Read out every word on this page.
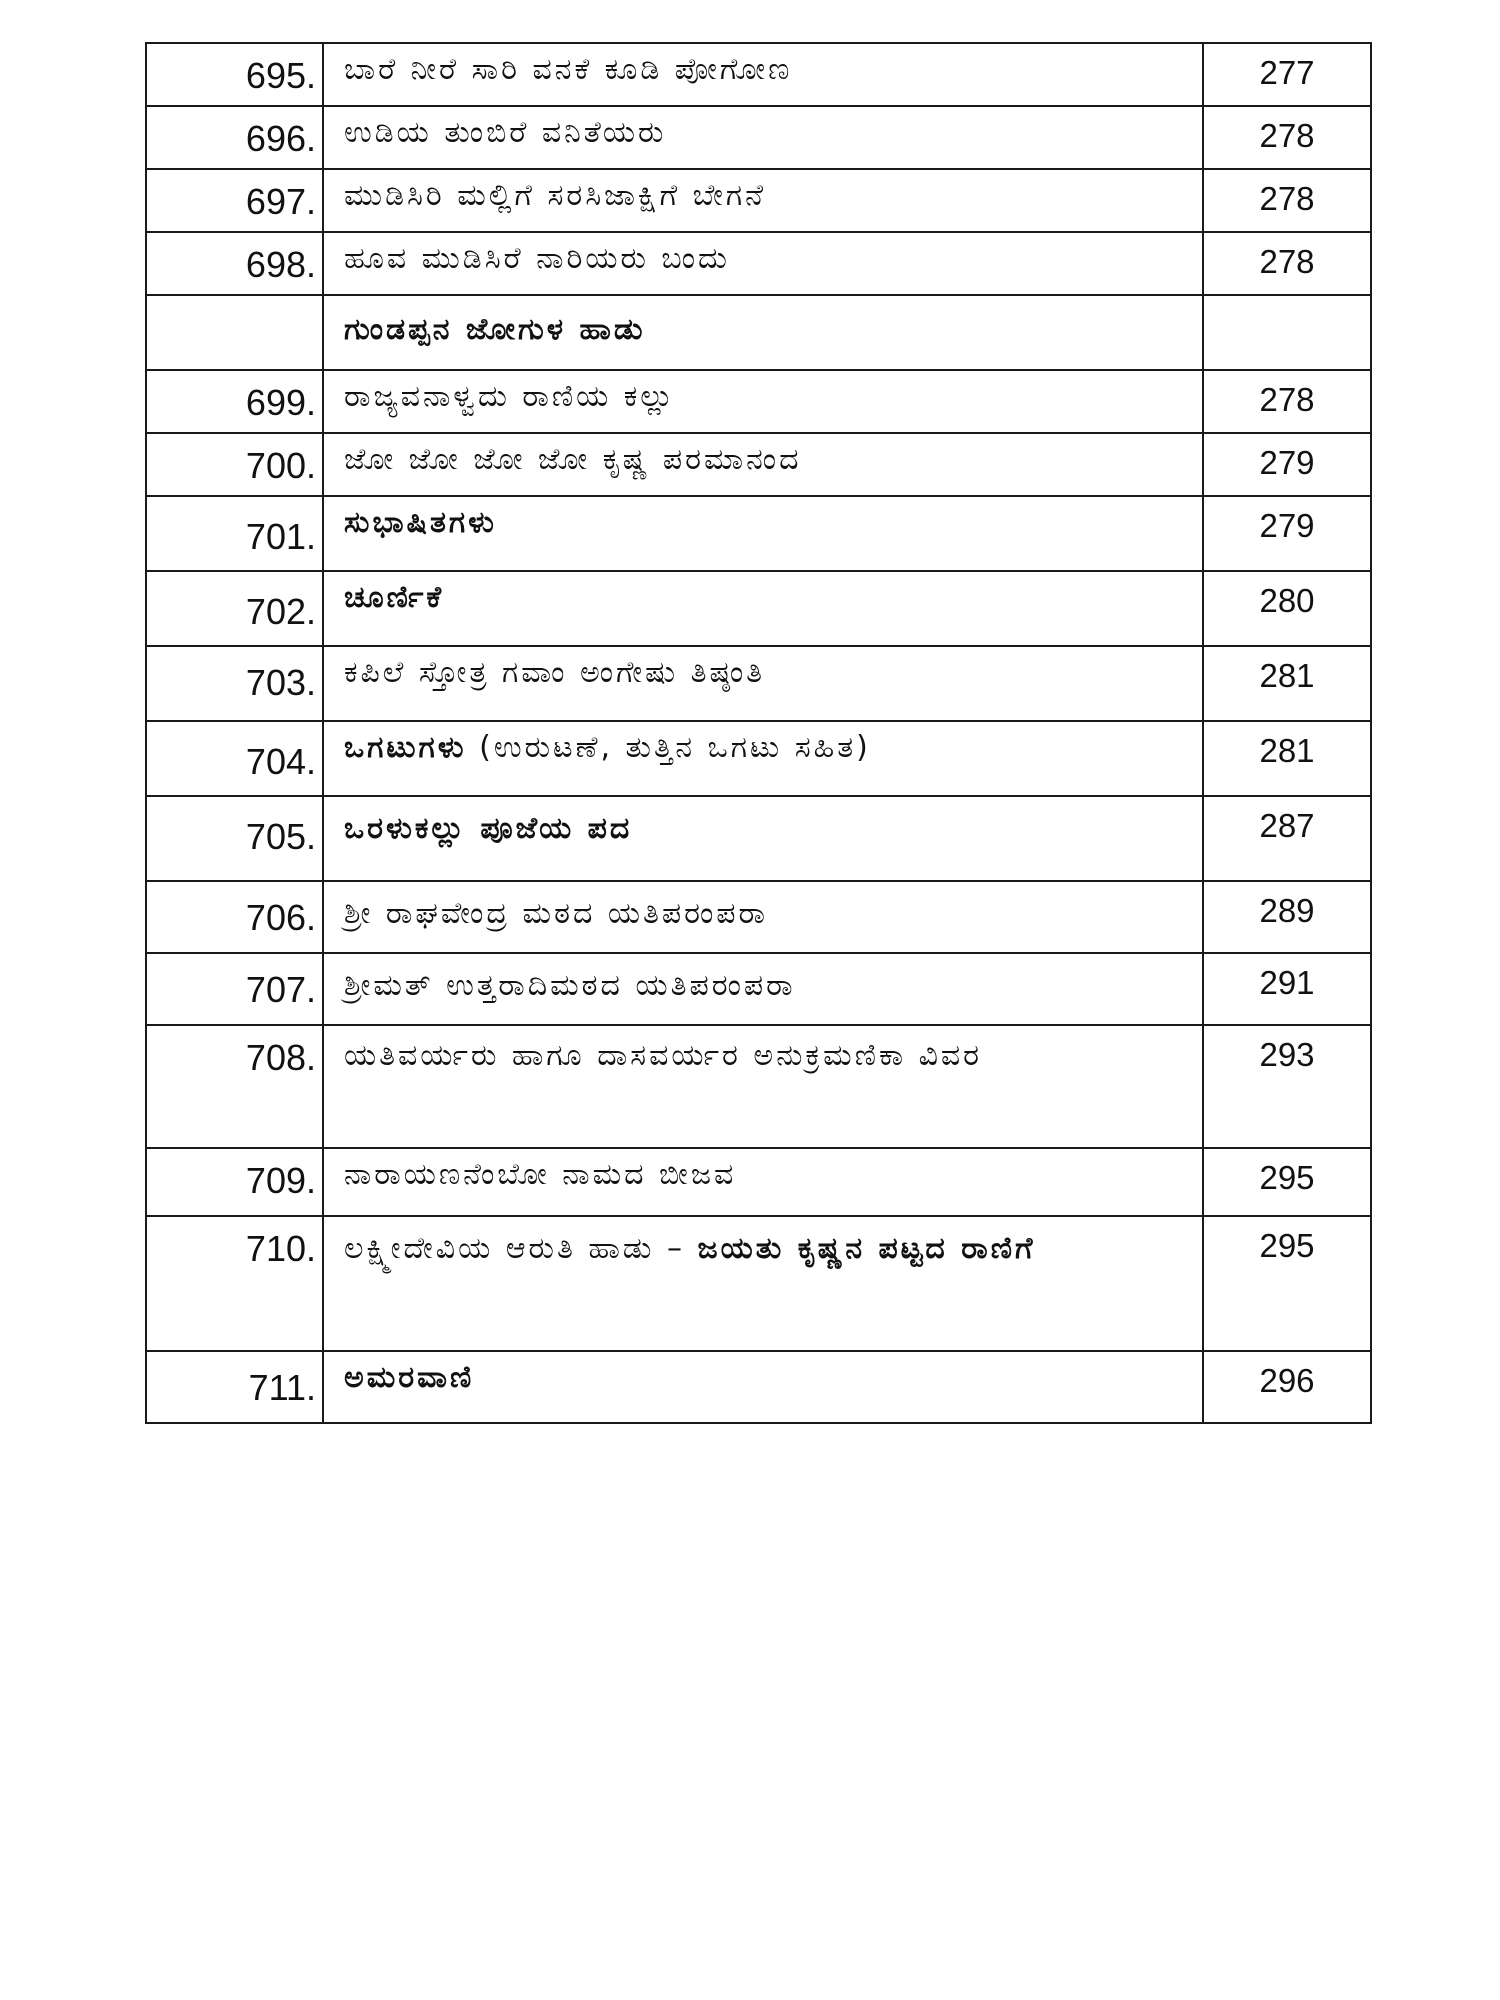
695.	ಬಾರೆ ನೀರೆ ಸಾರಿ ವನಕೆ ಕೂಡಿ ಪೋಗೋಣ	277
696.	ಉಡಿಯ ತುಂಬಿರೆ ವನಿತೆಯರು	278
697.	ಮುಡಿಸಿರಿ ಮಲ್ಲಿಗೆ ಸರಸಿಜಾಕ್ಷಿಗೆ ಬೇಗನೆ	278
698.	ಹೂವ ಮುಡಿಸಿರೆ ನಾರಿಯರು ಬಂದು	278

	ಗುಂಡಪ್ಪನ ಜೋಗುಳ ಹಾಡು	

699.	ರಾಜ್ಯವನಾಳ್ವದು ರಾಣಿಯ ಕಲ್ಲು	278
700.	ಜೋ ಜೋ ಜೋ ಜೋ ಕೃಷ್ಣ ಪರಮಾನಂದ	279
701.	ಸುಭಾಷಿತಗಳು	279
702.	ಚೂರ್ಣಿಕೆ	280
703.	ಕಪಿಲೆ ಸ್ತೋತ್ರ ಗವಾಂ ಅಂಗೇಷು ತಿಷ್ಠಂತಿ	281
704.	ಒಗಟುಗಳು (ಉರುಟಣೆ, ತುತ್ತಿನ ಒಗಟು ಸಹಿತ)	281
705.	ಒರಳುಕಲ್ಲು ಪೂಜೆಯ ಪದ	287
706.	ಶ್ರೀ ರಾಘವೇಂದ್ರ ಮಠದ ಯತಿಪರಂಪರಾ	289
707.	ಶ್ರೀಮತ್ ಉತ್ತರಾದಿಮಠದ ಯತಿಪರಂಪರಾ	291
708.	ಯತಿವರ್ಯರು ಹಾಗೂ ದಾಸವರ್ಯರ ಅನುಕ್ರಮಣಿಕಾ ವಿವರ	293
709.	ನಾರಾಯಣನೆಂಬೋ ನಾಮದ ಬೀಜವ	295
710.	ಲಕ್ಷ್ಮೀದೇವಿಯ ಆರುತಿ ಹಾಡು – ಜಯತು ಕೃಷ್ಣನ ಪಟ್ಟದ ರಾಣಿಗೆ	295
711.	ಅಮರವಾಣಿ	296
